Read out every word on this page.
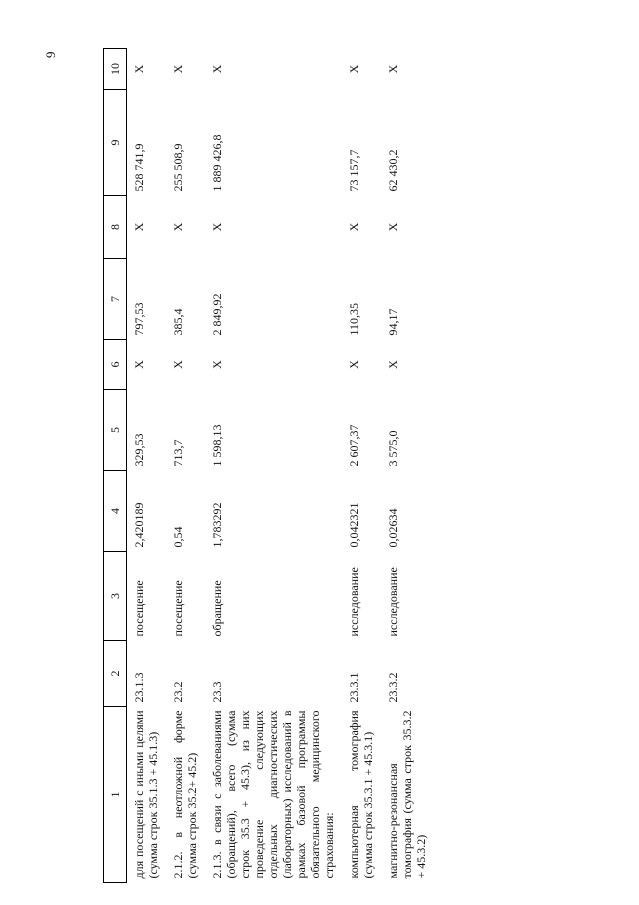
9
1	2	3	4	5	6	7	8	9	10
для посещений с иными целями (сумма строк 35.1.3 + 45.1.3)	23.1.3	посещение	2,420189	329,53	X	797,53	X	528 741,9	X
2.1.2. в неотложной форме (сумма строк 35.2+ 45.2)	23.2	посещение	0,54	713,7	X	385,4	X	255 508,9	X
2.1.3. в связи с заболеваниями (обращений), всего (сумма строк 35.3 + 45.3), из них проведение следующих отдельных диагностических (лабораторных) исследований в рамках базовой программы обязательного медицинского страхования:	23.3	обращение	1,783292	1 598,13	X	2 849,92	X	1 889 426,8	X
компьютерная томография (сумма строк 35.3.1 + 45.3.1)	23.3.1	исследование	0,042321	2 607,37	X	110,35	X	73 157,7	X
магнитно-резонансная томография (сумма строк 35.3.2 + 45.3.2)	23.3.2	исследование	0,02634	3 575,0	X	94,17	X	62 430,2	X
